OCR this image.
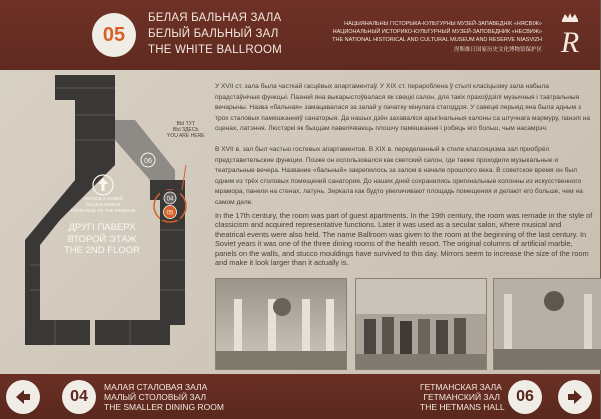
05
БЕЛАЯ БАЛЬНАЯ ЗАЛА
БЕЛЫЙ БАЛЬНЫЙ ЗАЛ
THE WHITE BALLROOM
НАЦЫЯНАЛЬНЫ ГІСТОРЫКА-КУЛЬТУРНЫ МУЗЕЙ-ЗАПАВЕДНІК «НЯСВІЖ»
НАЦИОНАЛЬНЫЙ ИСТОРИКО-КУЛЬТУРНЫЙ МУЗЕЙ-ЗАПОВЕДНИК «НЕСВИЖ»
THE NATIONAL HISTORICAL AND CULTURAL MUSEUM AND RESERVE NIASVIZH
涅斯维日国家历史文化博物馆保护区 R
06
04
05
ВЫ ТУТ
ВЫ ЗДЕСЬ
YOU ARE HERE
УВАХОД У МУЗЕЙ
ВХОД В МУЗЕЙ
ENTRANCE TO THE MUSEUM
ДРУГІ ПАВЕРХ
ВТОРОЙ ЭТАЖ
THE 2ND FLOOR
У XVII ст. зала была часткай гасцёвых апартаментаў. У XIX ст. перароблена ў стылі класіцызму зала набыла прадстаўнічыя функцыі. Пазней яна выкарыстоўвалася як свецкі салон, для такіх прахоўдзілі музычныя і тэатральныя вечарыны. Назва «бальная» замацавалася за залай у пачатку мінулага стагоддзя. У савецкі перыяд яна была адным з трох сталовых памяшканняў санаторыя. Да нашых дзён захаваліся арыгінальныя калоны са штучнага мармуру, панэлі на сценах, латэння. Люстэркі як быццам павелічваюць плошчу памяшкання і робяць яго больш, чым насамрэч.
В XVII в. зал был частью гостевых апартаментов. В XIX в. переделанный в стиле классицизма зал приобрёл представительские функции. Позже он использовался как светский салон, где также проходили музыкальные и театральные вечера. Название «бальный» закрепилось за залом в начале прошлого века. В советское время он был одним из трёх столовых помещений санатория. До наших дней сохранились оригинальные колонны из искусственного мрамора, панели на стенах, латунь. Зеркала как будто увеличивают площадь помещения и делают его больше, чем на самом деле.
In the 17th century, the room was part of guest apartments. In the 19th century, the room was remade in the style of classicism and acquired representative functions. Later it was used as a secular salon, where musical and theatrical events were also held. The name Ballroom was given to the room at the beginning of the last century. In Soviet years it was one of the three dining rooms of the health resort. The original columns of artificial marble, panels on the walls, and stucco mouldings have survived to this day. Mirrors seem to increase the size of the room and make it look larger than it actually is.
04
МАЛАЯ СТАЛОВАЯ ЗАЛА
МАЛЫЙ СТОЛОВЫЙ ЗАЛ
THE SMALLER DINING ROOM
ГЕТМАНСКАЯ ЗАЛА
ГЕТМАНСКИЙ ЗАЛ
THE HETMANS HALL
06
